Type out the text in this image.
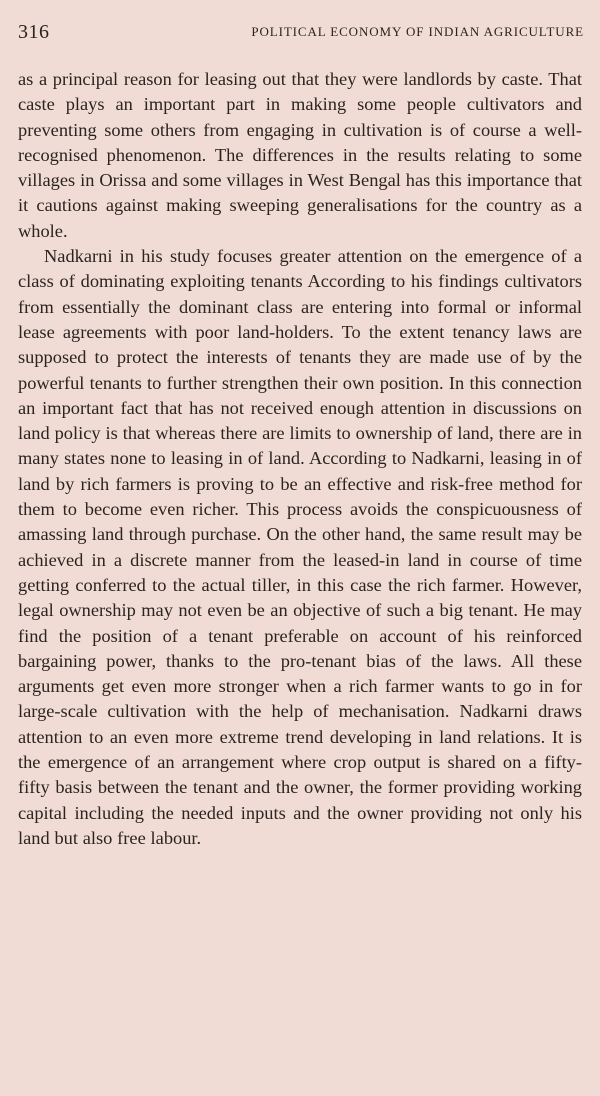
316	POLITICAL ECONOMY OF INDIAN AGRICULTURE

as a principal reason for leasing out that they were landlords by caste. That caste plays an important part in making some people cultivators and preventing some others from engaging in cultivation is of course a well-recognised phenomenon. The differences in the results relating to some villages in Orissa and some villages in West Bengal has this importance that it cautions against making sweeping generalisations for the country as a whole.

Nadkarni in his study focuses greater attention on the emergence of a class of dominating exploiting tenants According to his findings cultivators from essentially the dominant class are entering into formal or informal lease agreements with poor land-holders. To the extent tenancy laws are supposed to protect the interests of tenants they are made use of by the powerful tenants to further strengthen their own position. In this connection an important fact that has not received enough attention in discussions on land policy is that whereas there are limits to ownership of land, there are in many states none to leasing in of land. According to Nadkarni, leasing in of land by rich farmers is proving to be an effective and risk-free method for them to become even richer. This process avoids the conspicuousness of amassing land through purchase. On the other hand, the same result may be achieved in a discrete manner from the leased-in land in course of time getting conferred to the actual tiller, in this case the rich farmer. However, legal ownership may not even be an objective of such a big tenant. He may find the position of a tenant preferable on account of his reinforced bargaining power, thanks to the pro-tenant bias of the laws. All these arguments get even more stronger when a rich farmer wants to go in for large-scale cultivation with the help of mechanisation. Nadkarni draws attention to an even more extreme trend developing in land relations. It is the emergence of an arrangement where crop output is shared on a fifty-fifty basis between the tenant and the owner, the former providing working capital including the needed inputs and the owner providing not only his land but also free labour.
